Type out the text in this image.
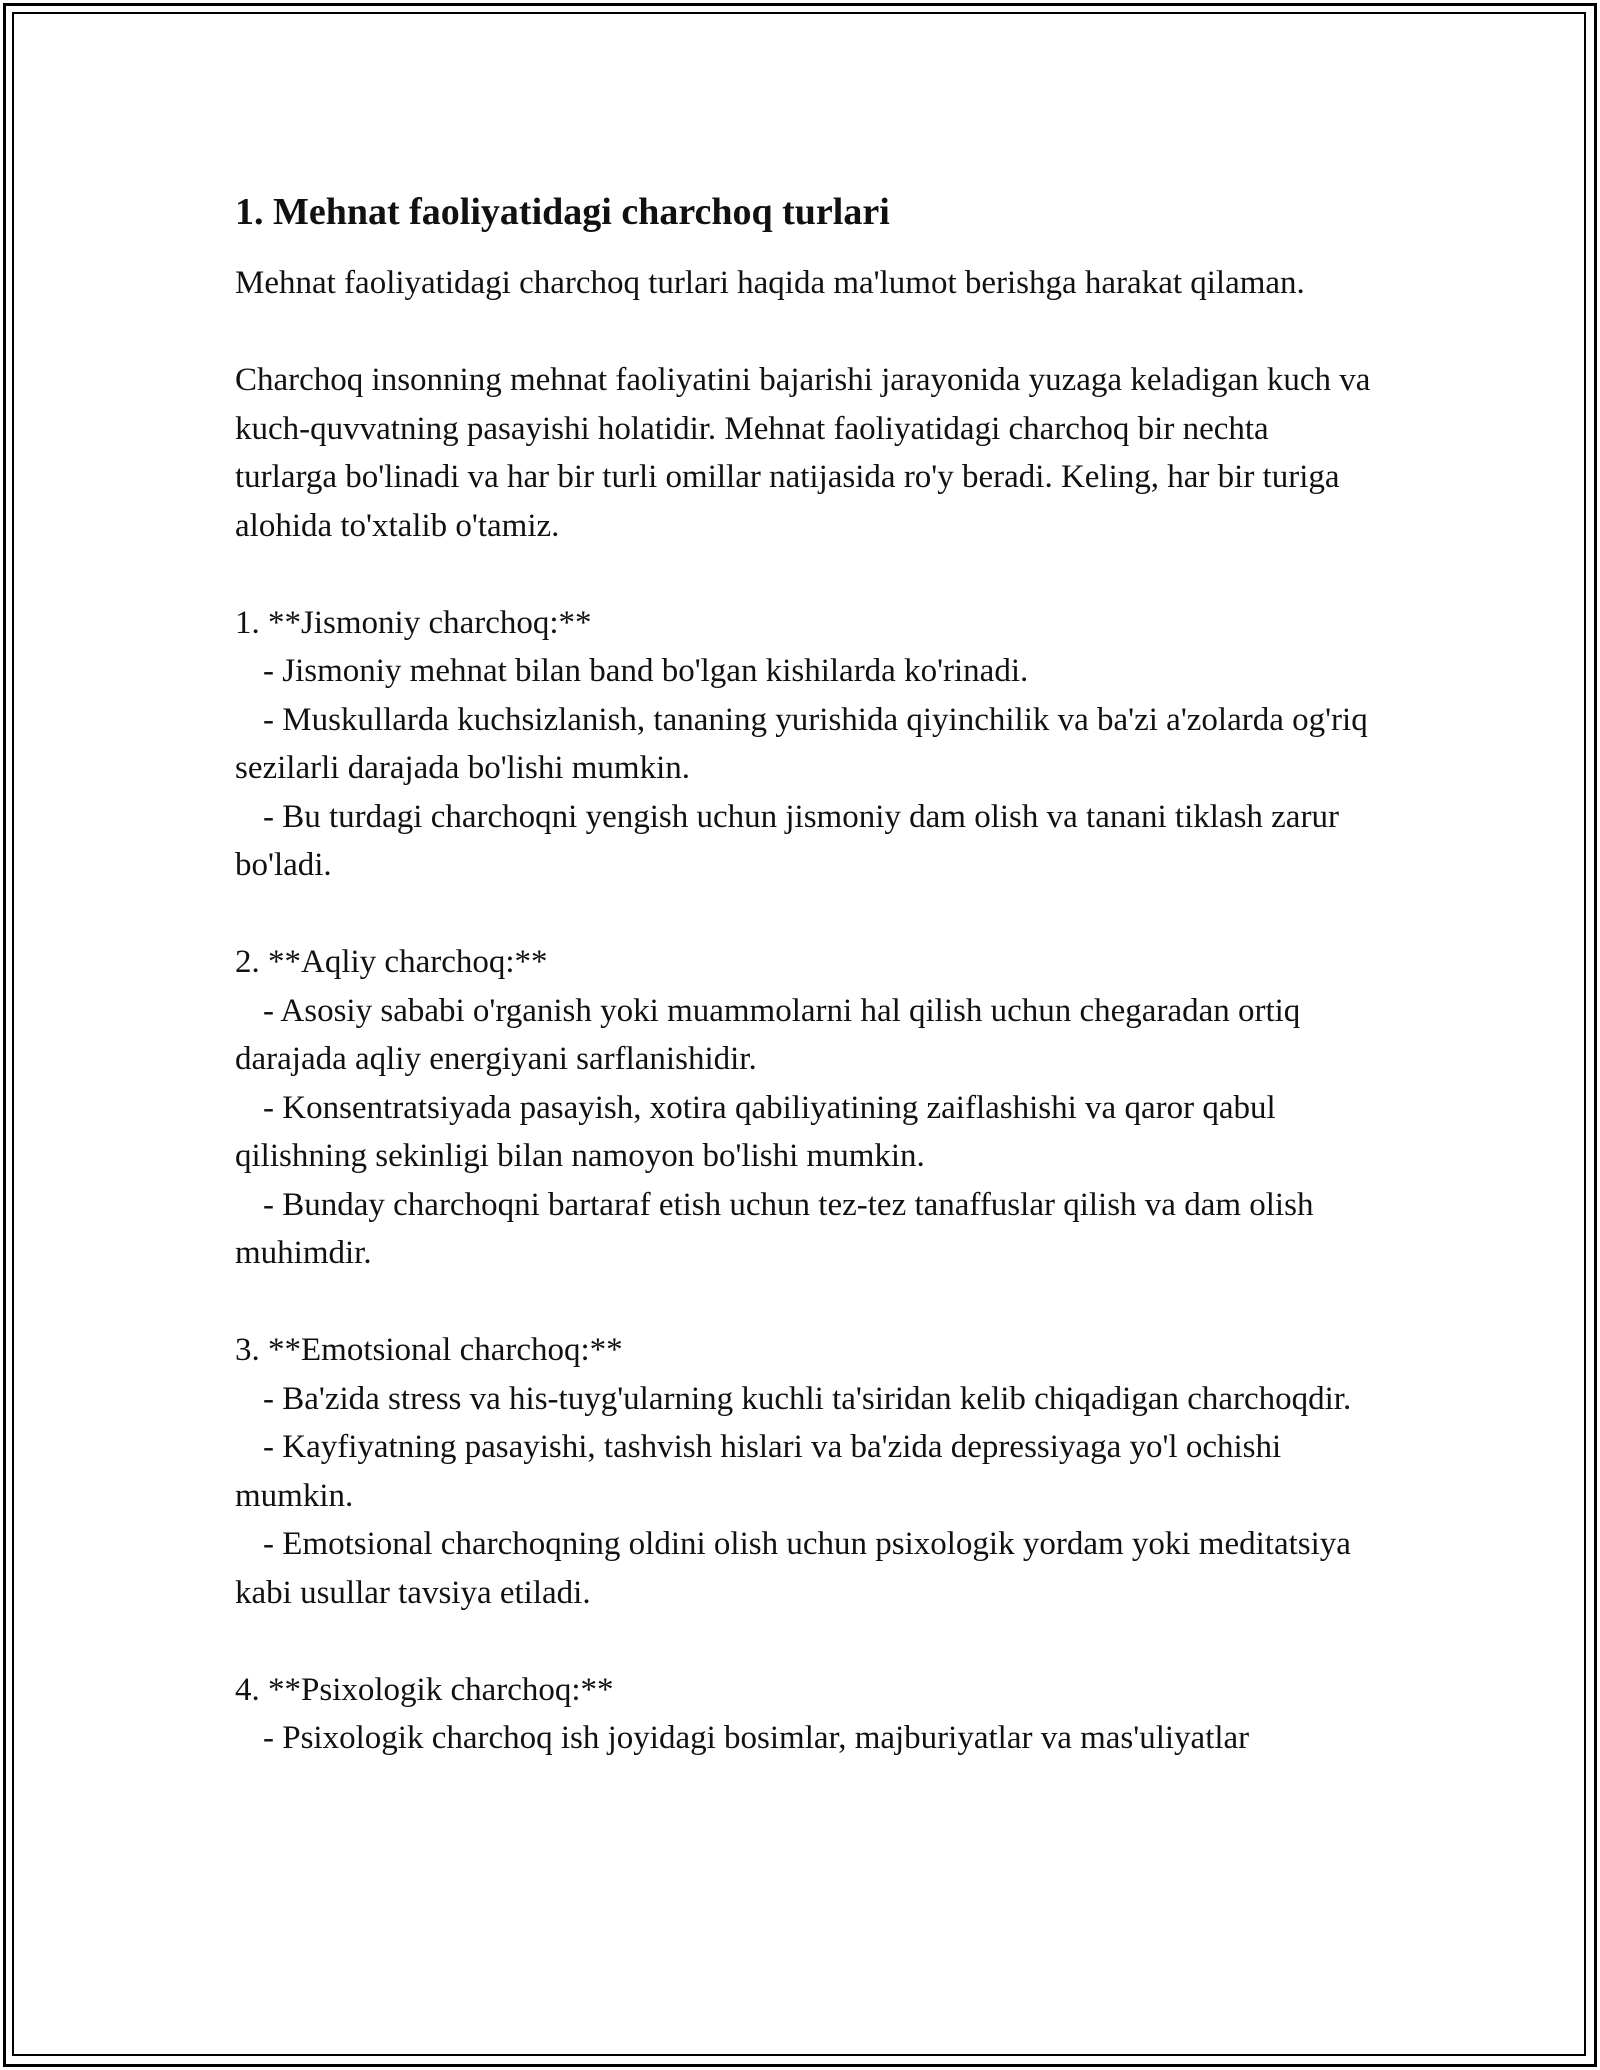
1. Mehnat faoliyatidagi charchoq turlari

Mehnat faoliyatidagi charchoq turlari haqida ma'lumot berishga harakat qilaman.

Charchoq insonning mehnat faoliyatini bajarishi jarayonida yuzaga keladigan kuch va kuch-quvvatning pasayishi holatidir. Mehnat faoliyatidagi charchoq bir nechta turlarga bo'linadi va har bir turli omillar natijasida ro'y beradi. Keling, har bir turiga alohida to'xtalib o'tamiz.

1. **Jismoniy charchoq:**

- Jismoniy mehnat bilan band bo'lgan kishilarda ko'rinadi.

- Muskullarda kuchsizlanish, tananing yurishida qiyinchilik va ba'zi a'zolarda og'riq sezilarli darajada bo'lishi mumkin.

- Bu turdagi charchoqni yengish uchun jismoniy dam olish va tanani tiklash zarur bo'ladi.

2. **Aqliy charchoq:**

- Asosiy sababi o'rganish yoki muammolarni hal qilish uchun chegaradan ortiq darajada aqliy energiyani sarflanishidir.

- Konsentratsiyada pasayish, xotira qabiliyatining zaiflashishi va qaror qabul qilishning sekinligi bilan namoyon bo'lishi mumkin.

- Bunday charchoqni bartaraf etish uchun tez-tez tanaffuslar qilish va dam olish muhimdir.

3. **Emotsional charchoq:**

- Ba'zida stress va his-tuyg'ularning kuchli ta'siridan kelib chiqadigan charchoqdir.

- Kayfiyatning pasayishi, tashvish hislari va ba'zida depressiyaga yo'l ochishi mumkin.

- Emotsional charchoqning oldini olish uchun psixologik yordam yoki meditatsiya kabi usullar tavsiya etiladi.

4. **Psixologik charchoq:**

- Psixologik charchoq ish joyidagi bosimlar, majburiyatlar va mas'uliyatlar
